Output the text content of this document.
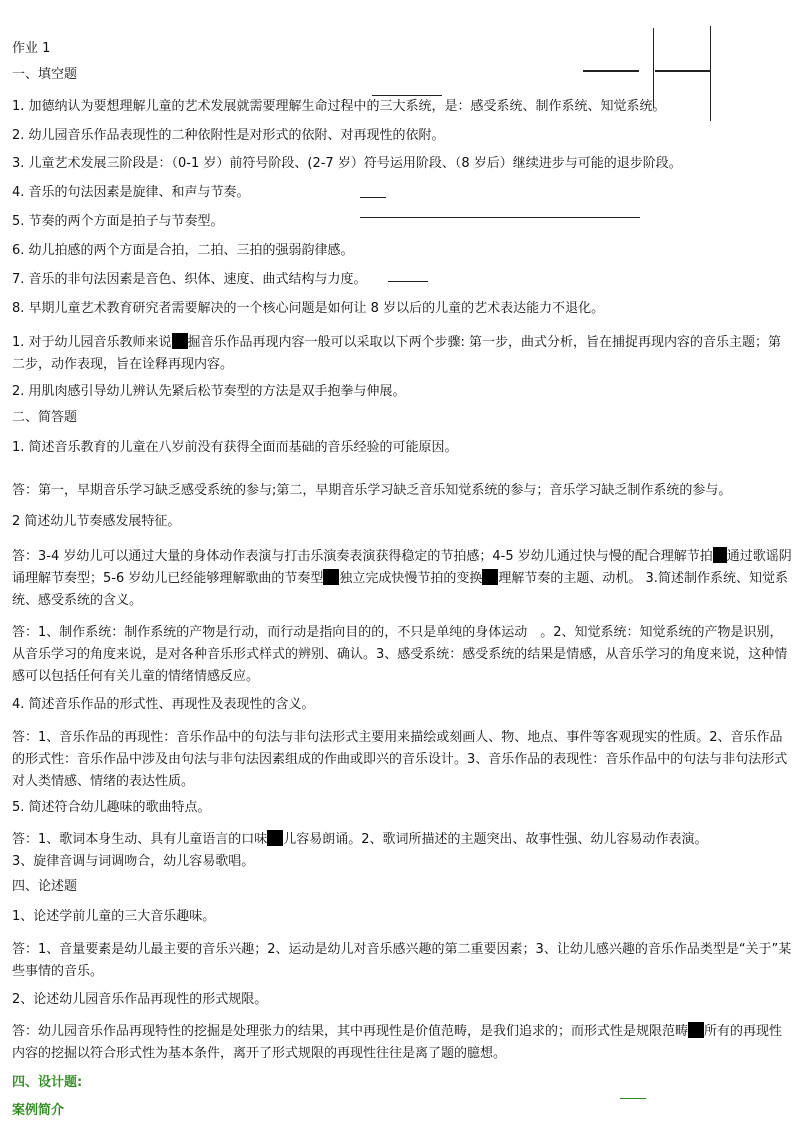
作业 1
一、填空题
1. 加德纳认为要想理解儿童的艺术发展就需要理解生命过程中的三大系统，是：感受系统、制作系统、知觉系统。
2. 幼儿园音乐作品表现性的二种依附性是对形式的依附、对再现性的依附。
3. 儿童艺术发展三阶段是：（0-1 岁）前符号阶段、(2-7 岁）符号运用阶段、（8 岁后）继续进步与可能的退步阶段。
4. 音乐的句法因素是旋律、和声与节奏。
5. 节奏的两个方面是拍子与节奏型。
6. 幼儿拍感的两个方面是合拍，二拍、三拍的强弱韵律感。
7. 音乐的非句法因素是音色、织体、速度、曲式结构与力度。
8. 早期儿童艺术教育研究者需要解决的一个核心问题是如何让 8 岁以后的儿童的艺术表达能力不退化。
1. 对于幼儿园音乐教师来说 掘音乐作品再现内容一般可以采取以下两个步骤: 第一步，曲式分析，旨在捕捉再现内容的音乐主题；第二步，动作表现，旨在诠释再现内容。
2. 用肌肉感引导幼儿辨认先紧后松节奏型的方法是双手抱拳与伸展。
二、简答题
1. 简述音乐教育的儿童在八岁前没有获得全面而基础的音乐经验的可能原因。
答：第一，早期音乐学习缺乏感受系统的参与;第二，早期音乐学习缺乏音乐知觉系统的参与；音乐学习缺乏制作系统的参与。
2 简述幼儿节奏感发展特征。
答：3-4 岁幼儿可以通过大量的身体动作表演与打击乐演奏表演获得稳定的节拍感；4-5 岁幼儿通过快与慢的配合理解节拍 通过歌谣阴诵理解节奏型；5-6 岁幼儿已经能够理解歌曲的节奏型 独立完成快慢节拍的变换 理解节奏的主题、动机。 3.简述制作系统、知觉系统、感受系统的含义。
答：1、制作系统：制作系统的产物是行动，而行动是指向目的的，不只是单纯的身体运动　。2、知觉系统：知觉系统的产物是识别，从音乐学习的角度来说，是对各种音乐形式样式的辨别、确认。3、感受系统：感受系统的结果是情感，从音乐学习的角度来说，这种情感可以包括任何有关儿童的情绪情感反应。
4. 简述音乐作品的形式性、再现性及表现性的含义。
答：1、音乐作品的再现性：音乐作品中的句法与非句法形式主要用来描绘或刻画人、物、地点、事件等客观现实的性质。2、音乐作品的形式性：音乐作品中涉及由句法与非句法因素组成的作曲或即兴的音乐设计。3、音乐作品的表现性：音乐作品中的句法与非句法形式对人类情感、情绪的表达性质。
5. 简述符合幼儿趣味的歌曲特点。
答：1、歌词本身生动、具有儿童语言的口味 儿容易朗诵。2、歌词所描述的主题突出、故事性强、幼儿容易动作表演。
3、旋律音调与词调吻合，幼儿容易歌唱。
四、论述题
1、论述学前儿童的三大音乐趣味。
答：1、音量要素是幼儿最主要的音乐兴趣；2、运动是幼儿对音乐感兴趣的第二重要因素；3、让幼儿感兴趣的音乐作品类型是“关于”某些事情的音乐。
2、论述幼儿园音乐作品再现性的形式规限。
答：幼儿园音乐作品再现特性的挖掘是处理张力的结果，其中再现性是价值范畴，是我们追求的；而形式性是规限范畴 所有的再现性内容的挖掘以符合形式性为基本条件，离开了形式规限的再现性往往是离了题的臆想。
四、设计题:
案例简介
